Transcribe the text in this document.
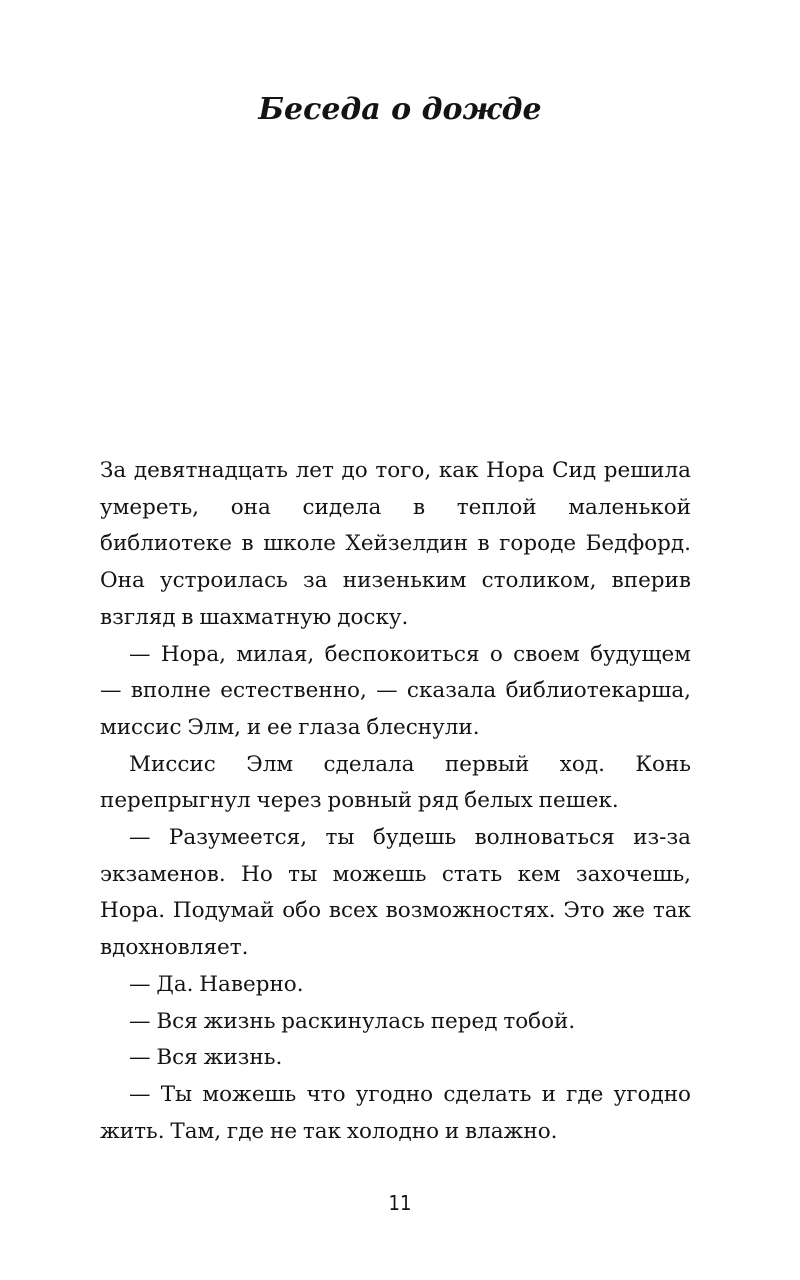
Беседа о дожде

За девятнадцать лет до того, как Нора Сид решила умереть, она сидела в теплой маленькой библиотеке в школе Хейзелдин в городе Бедфорд. Она устроилась за низеньким столиком, вперив взгляд в шахматную доску.

— Нора, милая, беспокоиться о своем будущем — вполне естественно, — сказала библиотекарша, миссис Элм, и ее глаза блеснули.

Миссис Элм сделала первый ход. Конь перепрыгнул через ровный ряд белых пешек.

— Разумеется, ты будешь волноваться из-за экзаменов. Но ты можешь стать кем захочешь, Нора. Подумай обо всех возможностях. Это же так вдохновляет.

— Да. Наверно.

— Вся жизнь раскинулась перед тобой.

— Вся жизнь.

— Ты можешь что угодно сделать и где угодно жить. Там, где не так холодно и влажно.

11
